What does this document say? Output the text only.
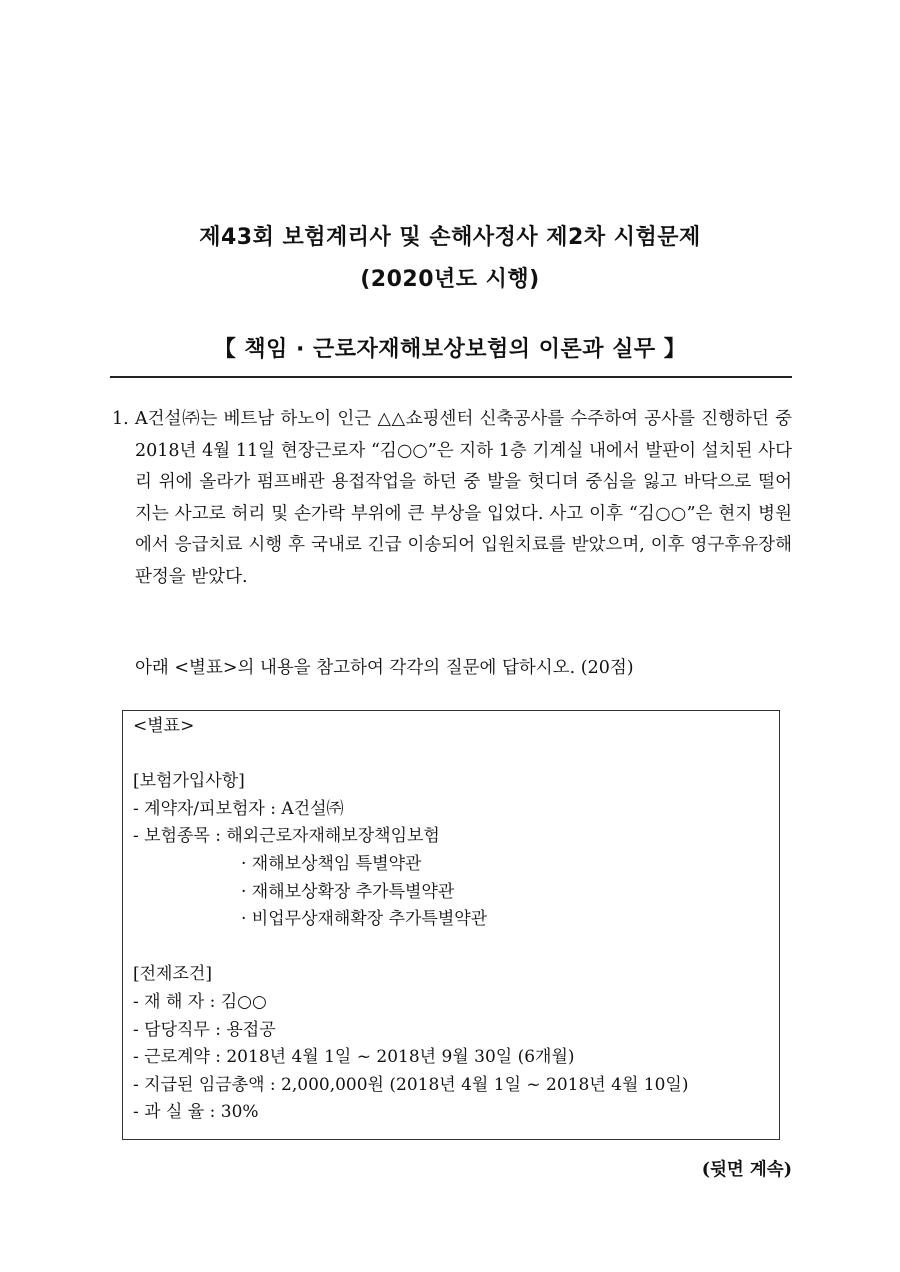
제43회 보험계리사 및 손해사정사 제2차 시험문제
(2020년도 시행)
【 책임 · 근로자재해보상보험의 이론과 실무 】
1. A건설㈜는 베트남 하노이 인근 △△쇼핑센터 신축공사를 수주하여 공사를 진행하던 중 2018년 4월 11일 현장근로자 “김○○”은 지하 1층 기계실 내에서 발판이 설치된 사다리 위에 올라가 펌프배관 용접작업을 하던 중 발을 헛디뎌 중심을 잃고 바닥으로 떨어지는 사고로 허리 및 손가락 부위에 큰 부상을 입었다. 사고 이후 “김○○”은 현지 병원에서 응급치료 시행 후 국내로 긴급 이송되어 입원치료를 받았으며, 이후 영구후유장해 판정을 받았다.
아래 <별표>의 내용을 참고하여 각각의 질문에 답하시오. (20점)
<별표>
[보험가입사항]
- 계약자/피보험자 : A건설㈜
- 보험종목 : 해외근로자재해보장책임보험
· 재해보상책임 특별약관
· 재해보상확장 추가특별약관
· 비업무상재해확장 추가특별약관
[전제조건]
- 재 해 자 : 김○○
- 담당직무 : 용접공
- 근로계약 : 2018년 4월 1일 ~ 2018년 9월 30일 (6개월)
- 지급된 임금총액 : 2,000,000원 (2018년 4월 1일 ~ 2018년 4월 10일)
- 과 실 율 : 30%
(뒷면 계속)
